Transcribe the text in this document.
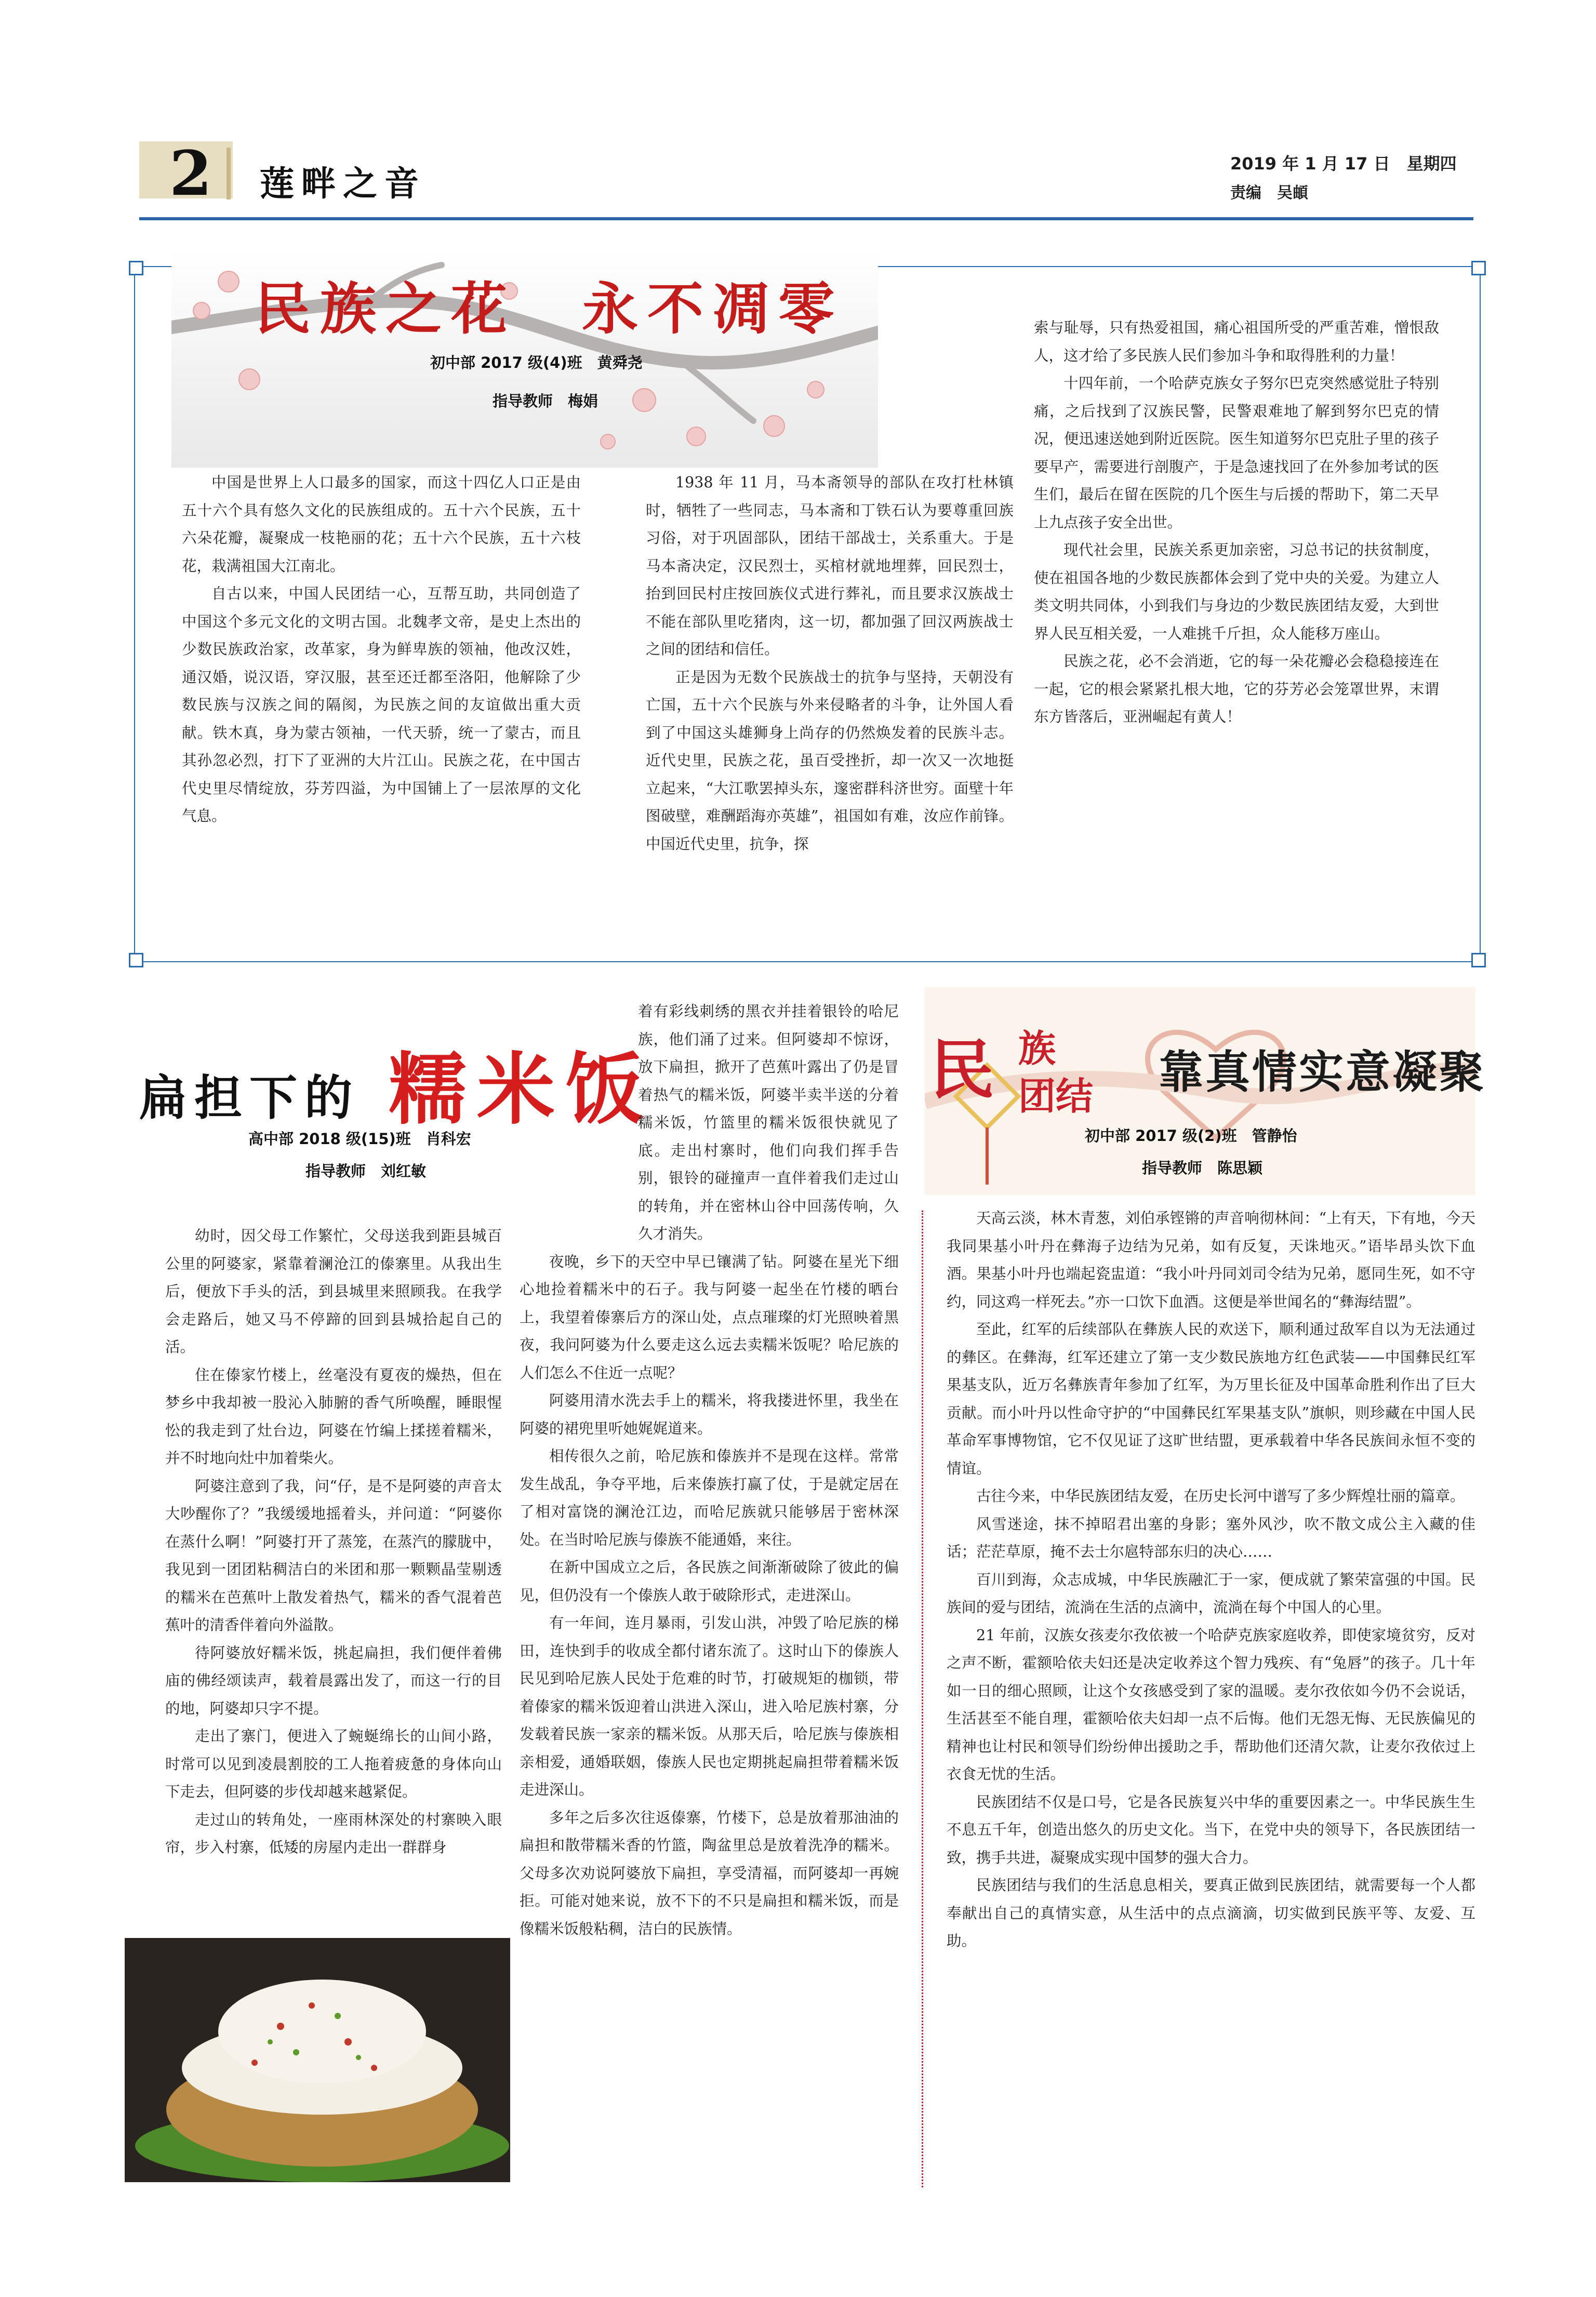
2 莲畔之音	2019 年 1 月 17 日　星期四
责编　吴頔
民族之花　永不凋零
初中部 2017 级(4)班　黄舜尧
指导教师　梅娟

中国是世界上人口最多的国家，而这十四亿人口正是由五十六个具有悠久文化的民族组成的。五十六个民族，五十六朵花瓣，凝聚成一枝艳丽的花；五十六个民族，五十六枝花，栽满祖国大江南北。

自古以来，中国人民团结一心，互帮互助，共同创造了中国这个多元文化的文明古国。北魏孝文帝，是史上杰出的少数民族政治家，改革家，身为鲜卑族的领袖，他改汉姓，通汉婚，说汉语，穿汉服，甚至还迁都至洛阳，他解除了少数民族与汉族之间的隔阂，为民族之间的友谊做出重大贡献。铁木真，身为蒙古领袖，一代天骄，统一了蒙古，而且其孙忽必烈，打下了亚洲的大片江山。民族之花，在中国古代史里尽情绽放，芬芳四溢，为中国铺上了一层浓厚的文化气息。

1938 年 11 月，马本斋领导的部队在攻打杜林镇时，牺牲了一些同志，马本斋和丁铁石认为要尊重回族习俗，对于巩固部队，团结干部战士，关系重大。于是马本斋决定，汉民烈士，买棺材就地埋葬，回民烈士，抬到回民村庄按回族仪式进行葬礼，而且要求汉族战士不能在部队里吃猪肉，这一切，都加强了回汉两族战士之间的团结和信任。

正是因为无数个民族战士的抗争与坚持，天朝没有亡国，五十六个民族与外来侵略者的斗争，让外国人看到了中国这头雄狮身上尚存的仍然焕发着的民族斗志。近代史里，民族之花，虽百受挫折，却一次又一次地挺立起来，“大江歌罢掉头东，邃密群科济世穷。面壁十年图破壁，难酬蹈海亦英雄”，祖国如有难，汝应作前锋。中国近代史里，抗争，探

索与耻辱，只有热爱祖国，痛心祖国所受的严重苦难，憎恨敌人，这才给了多民族人民们参加斗争和取得胜利的力量！

十四年前，一个哈萨克族女子努尔巴克突然感觉肚子特别痛，之后找到了汉族民警，民警艰难地了解到努尔巴克的情况，便迅速送她到附近医院。医生知道努尔巴克肚子里的孩子要早产，需要进行剖腹产，于是急速找回了在外参加考试的医生们，最后在留在医院的几个医生与后援的帮助下，第二天早上九点孩子安全出世。

现代社会里，民族关系更加亲密，习总书记的扶贫制度，使在祖国各地的少数民族都体会到了党中央的关爱。为建立人类文明共同体，小到我们与身边的少数民族团结友爱，大到世界人民互相关爱，一人难挑千斤担，众人能移万座山。

民族之花，必不会消逝，它的每一朵花瓣必会稳稳接连在一起，它的根会紧紧扎根大地，它的芬芳必会笼罩世界，末谓东方皆落后，亚洲崛起有黄人！

扁担下的 糯米饭
高中部 2018 级(15)班　肖科宏
指导教师　刘红敏

幼时，因父母工作繁忙，父母送我到距县城百公里的阿婆家，紧靠着澜沧江的傣寨里。从我出生后，便放下手头的活，到县城里来照顾我。在我学会走路后，她又马不停蹄的回到县城拾起自己的活。

住在傣家竹楼上，丝毫没有夏夜的燥热，但在梦乡中我却被一股沁入肺腑的香气所唤醒，睡眼惺忪的我走到了灶台边，阿婆在竹编上揉搓着糯米，并不时地向灶中加着柴火。

阿婆注意到了我，问“仔，是不是阿婆的声音太大吵醒你了？”我缓缓地摇着头，并问道：“阿婆你在蒸什么啊！”阿婆打开了蒸笼，在蒸汽的朦胧中，我见到一团团粘稠洁白的米团和那一颗颗晶莹剔透的糯米在芭蕉叶上散发着热气，糯米的香气混着芭蕉叶的清香伴着向外溢散。

待阿婆放好糯米饭，挑起扁担，我们便伴着佛庙的佛经颂读声，载着晨露出发了，而这一行的目的地，阿婆却只字不提。

走出了寨门，便进入了蜿蜒绵长的山间小路，时常可以见到凌晨割胶的工人拖着疲惫的身体向山下走去，但阿婆的步伐却越来越紧促。

走过山的转角处，一座雨林深处的村寨映入眼帘，步入村寨，低矮的房屋内走出一群群身

着有彩线刺绣的黑衣并挂着银铃的哈尼族，他们涌了过来。但阿婆却不惊讶，放下扁担，掀开了芭蕉叶露出了仍是冒着热气的糯米饭，阿婆半卖半送的分着糯米饭，竹篮里的糯米饭很快就见了底。走出村寨时，他们向我们挥手告别，银铃的碰撞声一直伴着我们走过山的转角，并在密林山谷中回荡传响，久久才消失。

夜晚，乡下的天空中早已镶满了钻。阿婆在星光下细心地捡着糯米中的石子。我与阿婆一起坐在竹楼的晒台上，我望着傣寨后方的深山处，点点璀璨的灯光照映着黑夜，我问阿婆为什么要走这么远去卖糯米饭呢？哈尼族的人们怎么不住近一点呢？

阿婆用清水洗去手上的糯米，将我搂进怀里，我坐在阿婆的裙兜里听她娓娓道来。

相传很久之前，哈尼族和傣族并不是现在这样。常常发生战乱，争夺平地，后来傣族打赢了仗，于是就定居在了相对富饶的澜沧江边，而哈尼族就只能够居于密林深处。在当时哈尼族与傣族不能通婚，来往。

在新中国成立之后，各民族之间渐渐破除了彼此的偏见，但仍没有一个傣族人敢于破除形式，走进深山。

有一年间，连月暴雨，引发山洪，冲毁了哈尼族的梯田，连快到手的收成全都付诸东流了。这时山下的傣族人民见到哈尼族人民处于危难的时节，打破规矩的枷锁，带着傣家的糯米饭迎着山洪进入深山，进入哈尼族村寨，分发载着民族一家亲的糯米饭。从那天后，哈尼族与傣族相亲相爱，通婚联姻，傣族人民也定期挑起扁担带着糯米饭走进深山。

多年之后多次往返傣寨，竹楼下，总是放着那油油的扁担和散带糯米香的竹篮，陶盆里总是放着洗净的糯米。父母多次劝说阿婆放下扁担，享受清福，而阿婆却一再婉拒。可能对她来说，放不下的不只是扁担和糯米饭，而是像糯米饭般粘稠，洁白的民族情。

民 族
团结 靠真情实意凝聚
初中部 2017 级(2)班　管静怡
指导教师　陈思颖

天高云淡，林木青葱，刘伯承铿锵的声音响彻林间：“上有天，下有地，今天我同果基小叶丹在彝海子边结为兄弟，如有反复，天诛地灭。”语毕昂头饮下血酒。果基小叶丹也端起瓷盅道：“我小叶丹同刘司令结为兄弟，愿同生死，如不守约，同这鸡一样死去。”亦一口饮下血酒。这便是举世闻名的“彝海结盟”。

至此，红军的后续部队在彝族人民的欢送下，顺利通过敌军自以为无法通过的彝区。在彝海，红军还建立了第一支少数民族地方红色武装——中国彝民红军果基支队，近万名彝族青年参加了红军，为万里长征及中国革命胜利作出了巨大贡献。而小叶丹以性命守护的“中国彝民红军果基支队”旗帜，则珍藏在中国人民革命军事博物馆，它不仅见证了这旷世结盟，更承载着中华各民族间永恒不变的情谊。

古往今来，中华民族团结友爱，在历史长河中谱写了多少辉煌壮丽的篇章。

风雪迷途，抹不掉昭君出塞的身影；塞外风沙，吹不散文成公主入藏的佳话；茫茫草原，掩不去士尔扈特部东归的决心……

百川到海，众志成城，中华民族融汇于一家，便成就了繁荣富强的中国。民族间的爱与团结，流淌在生活的点滴中，流淌在每个中国人的心里。

21 年前，汉族女孩麦尔孜依被一个哈萨克族家庭收养，即使家境贫穷，反对之声不断，霍额哈依夫妇还是决定收养这个智力残疾、有“兔唇”的孩子。几十年如一日的细心照顾，让这个女孩感受到了家的温暖。麦尔孜依如今仍不会说话，生活甚至不能自理，霍额哈依夫妇却一点不后悔。他们无怨无悔、无民族偏见的精神也让村民和领导们纷纷伸出援助之手，帮助他们还清欠款，让麦尔孜依过上衣食无忧的生活。

民族团结不仅是口号，它是各民族复兴中华的重要因素之一。中华民族生生不息五千年，创造出悠久的历史文化。当下，在党中央的领导下，各民族团结一致，携手共进，凝聚成实现中国梦的强大合力。

民族团结与我们的生活息息相关，要真正做到民族团结，就需要每一个人都奉献出自己的真情实意，从生活中的点点滴滴，切实做到民族平等、友爱、互助。
